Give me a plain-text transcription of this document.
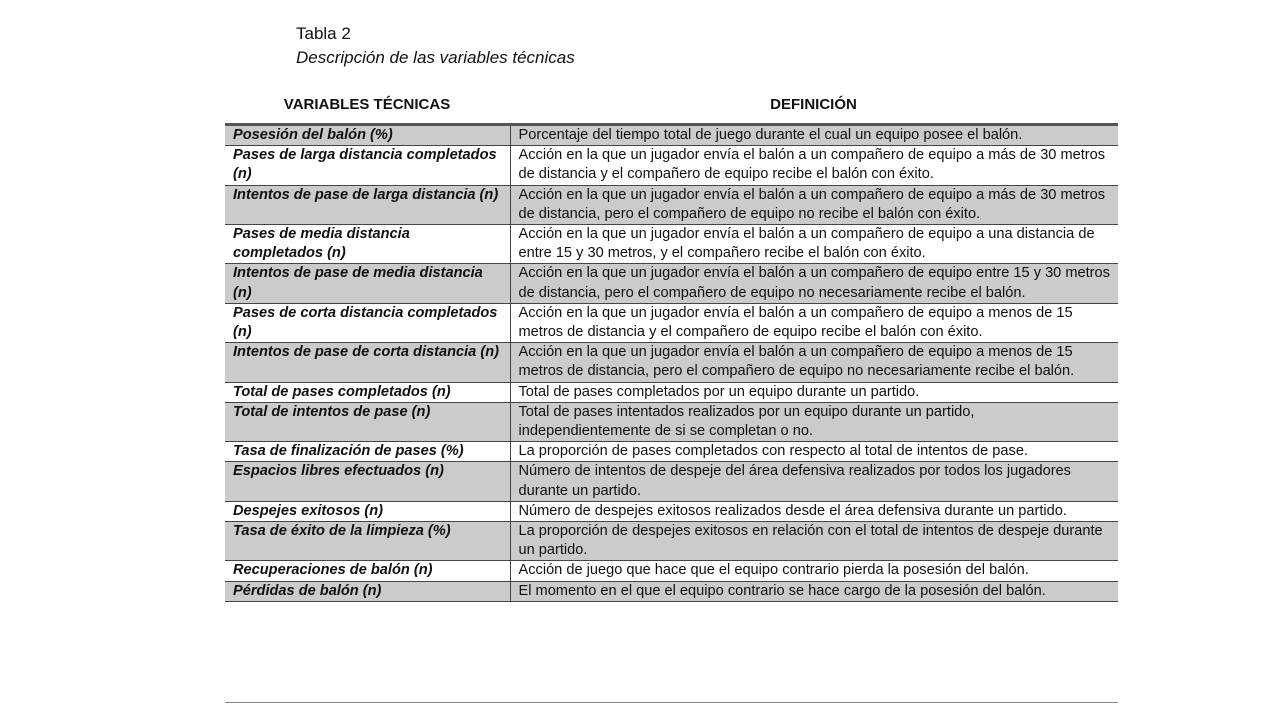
Tabla 2

Descripción de las variables técnicas

VARIABLES TÉCNICAS	DEFINICIÓN
Posesión del balón (%)	Porcentaje del tiempo total de juego durante el cual un equipo posee el balón.
Pases de larga distancia completados (n)	Acción en la que un jugador envía el balón a un compañero de equipo a más de 30 metros de distancia y el compañero de equipo recibe el balón con éxito.
Intentos de pase de larga distancia (n)	Acción en la que un jugador envía el balón a un compañero de equipo a más de 30 metros de distancia, pero el compañero de equipo no recibe el balón con éxito.
Pases de media distancia completados (n)	Acción en la que un jugador envía el balón a un compañero de equipo a una distancia de entre 15 y 30 metros, y el compañero recibe el balón con éxito.
Intentos de pase de media distancia (n)	Acción en la que un jugador envía el balón a un compañero de equipo entre 15 y 30 metros de distancia, pero el compañero de equipo no necesariamente recibe el balón.
Pases de corta distancia completados (n)	Acción en la que un jugador envía el balón a un compañero de equipo a menos de 15 metros de distancia y el compañero de equipo recibe el balón con éxito.
Intentos de pase de corta distancia (n)	Acción en la que un jugador envía el balón a un compañero de equipo a menos de 15 metros de distancia, pero el compañero de equipo no necesariamente recibe el balón.
Total de pases completados (n)	Total de pases completados por un equipo durante un partido.
Total de intentos de pase (n)	Total de pases intentados realizados por un equipo durante un partido, independientemente de si se completan o no.
Tasa de finalización de pases (%)	La proporción de pases completados con respecto al total de intentos de pase.
Espacios libres efectuados (n)	Número de intentos de despeje del área defensiva realizados por todos los jugadores durante un partido.
Despejes exitosos (n)	Número de despejes exitosos realizados desde el área defensiva durante un partido.
Tasa de éxito de la limpieza (%)	La proporción de despejes exitosos en relación con el total de intentos de despeje durante un partido.
Recuperaciones de balón (n)	Acción de juego que hace que el equipo contrario pierda la posesión del balón.
Pérdidas de balón (n)	El momento en el que el equipo contrario se hace cargo de la posesión del balón.
